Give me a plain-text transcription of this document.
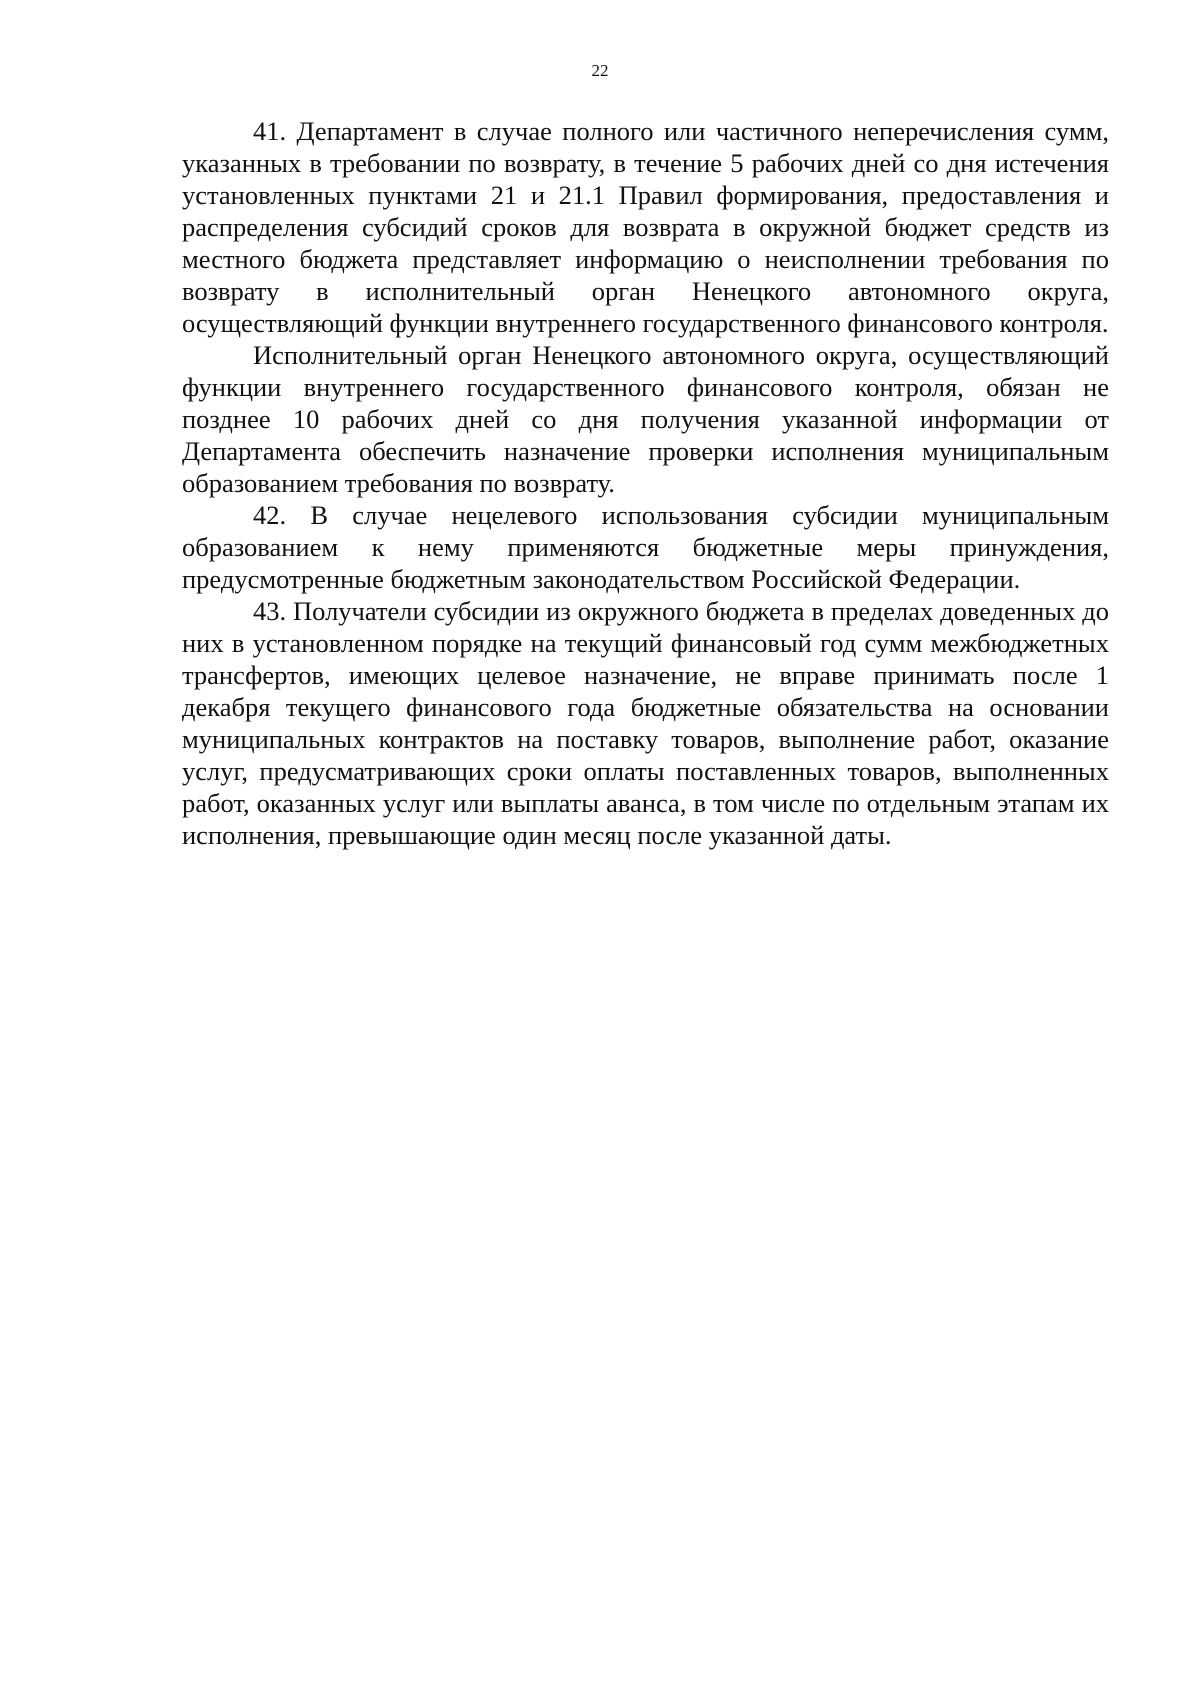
22

41. Департамент в случае полного или частичного неперечисления сумм, указанных в требовании по возврату, в течение 5 рабочих дней со дня истечения установленных пунктами 21 и 21.1 Правил формирования, предоставления и распределения субсидий сроков для возврата в окружной бюджет средств из местного бюджета представляет информацию о неисполнении требования по возврату в исполнительный орган Ненецкого автономного округа, осуществляющий функции внутреннего государственного финансового контроля.

Исполнительный орган Ненецкого автономного округа, осуществляющий функции внутреннего государственного финансового контроля, обязан не позднее 10 рабочих дней со дня получения указанной информации от Департамента обеспечить назначение проверки исполнения муниципальным образованием требования по возврату.

42. В случае нецелевого использования субсидии муниципальным образованием к нему применяются бюджетные меры принуждения, предусмотренные бюджетным законодательством Российской Федерации.

43. Получатели субсидии из окружного бюджета в пределах доведенных до них в установленном порядке на текущий финансовый год сумм межбюджетных трансфертов, имеющих целевое назначение, не вправе принимать после 1 декабря текущего финансового года бюджетные обязательства на основании муниципальных контрактов на поставку товаров, выполнение работ, оказание услуг, предусматривающих сроки оплаты поставленных товаров, выполненных работ, оказанных услуг или выплаты аванса, в том числе по отдельным этапам их исполнения, превышающие один месяц после указанной даты.
